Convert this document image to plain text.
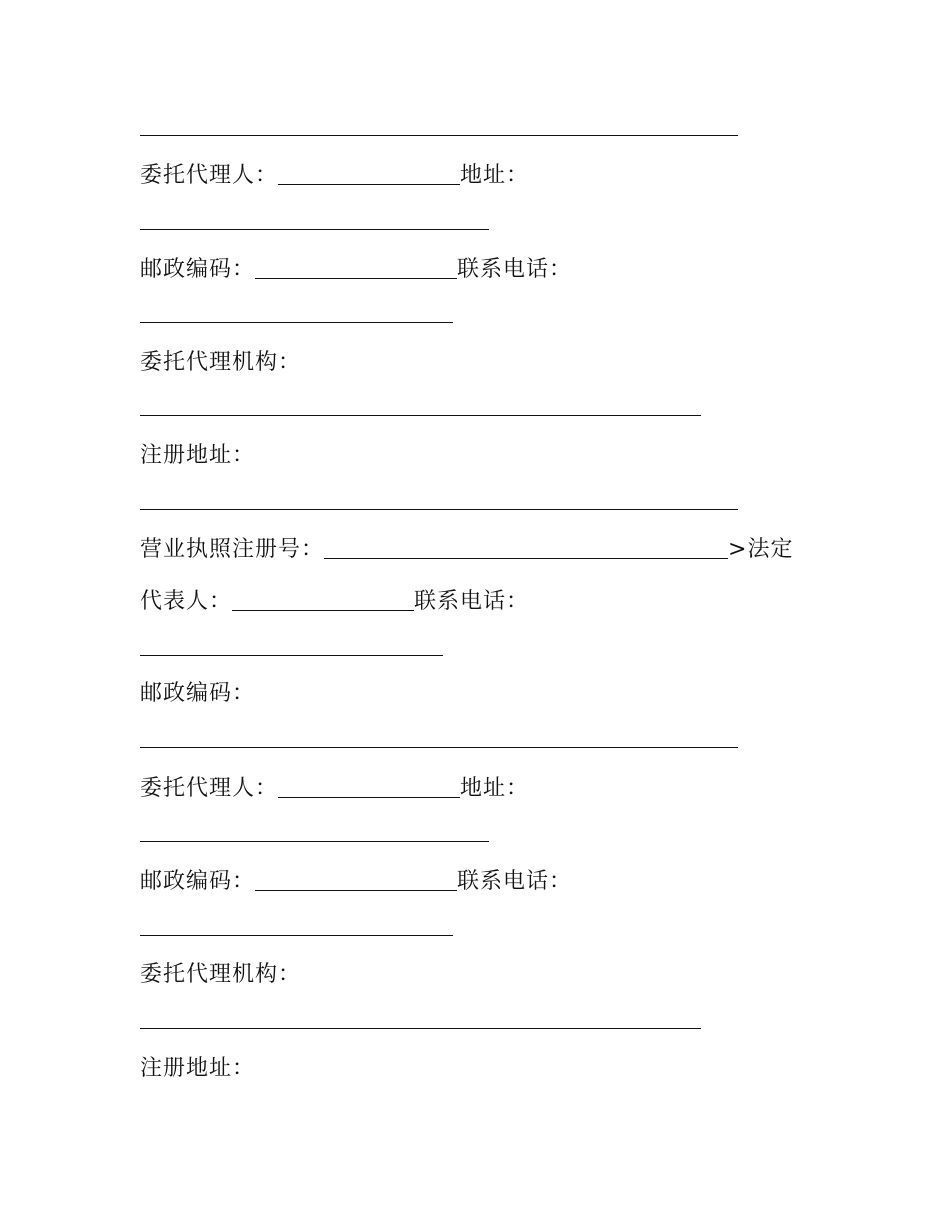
委托代理人：	地址：
邮政编码：	联系电话：
委托代理机构：
注册地址：
营业执照注册号：	>法定
代表人：	联系电话：
邮政编码：
委托代理人：	地址：
邮政编码：	联系电话：
委托代理机构：
注册地址：
